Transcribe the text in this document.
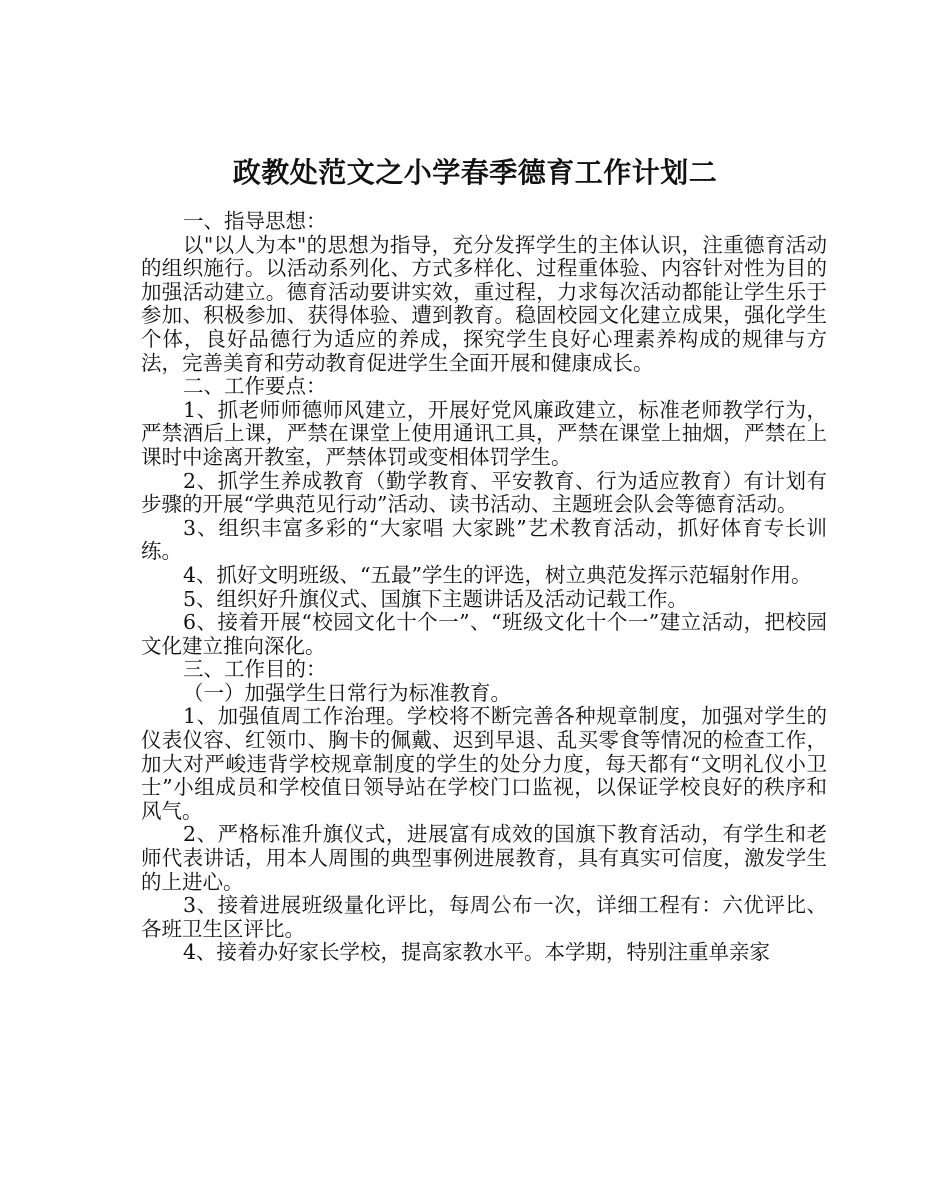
政教处范文之小学春季德育工作计划二

一、指导思想：

以"以人为本"的思想为指导，充分发挥学生的主体认识，注重德育活动的组织施行。以活动系列化、方式多样化、过程重体验、内容针对性为目的加强活动建立。德育活动要讲实效，重过程，力求每次活动都能让学生乐于参加、积极参加、获得体验、遭到教育。稳固校园文化建立成果，强化学生个体，良好品德行为适应的养成，探究学生良好心理素养构成的规律与方法，完善美育和劳动教育促进学生全面开展和健康成长。

二、工作要点：

1、抓老师师德师风建立，开展好党风廉政建立，标准老师教学行为，严禁酒后上课，严禁在课堂上使用通讯工具，严禁在课堂上抽烟，严禁在上课时中途离开教室，严禁体罚或变相体罚学生。

2、抓学生养成教育（勤学教育、平安教育、行为适应教育）有计划有步骤的开展“学典范见行动”活动、读书活动、主题班会队会等德育活动。

3、组织丰富多彩的“大家唱 大家跳”艺术教育活动，抓好体育专长训练。

4、抓好文明班级、“五最”学生的评选，树立典范发挥示范辐射作用。

5、组织好升旗仪式、国旗下主题讲话及活动记载工作。

6、接着开展“校园文化十个一”、“班级文化十个一”建立活动，把校园文化建立推向深化。

三、工作目的：

（一）加强学生日常行为标准教育。

1、加强值周工作治理。学校将不断完善各种规章制度，加强对学生的仪表仪容、红领巾、胸卡的佩戴、迟到早退、乱买零食等情况的检查工作，加大对严峻违背学校规章制度的学生的处分力度，每天都有“文明礼仪小卫士”小组成员和学校值日领导站在学校门口监视，以保证学校良好的秩序和风气。

2、严格标准升旗仪式，进展富有成效的国旗下教育活动，有学生和老师代表讲话，用本人周围的典型事例进展教育，具有真实可信度，激发学生的上进心。

3、接着进展班级量化评比，每周公布一次，详细工程有：六优评比、各班卫生区评比。

4、接着办好家长学校，提高家教水平。本学期，特别注重单亲家
